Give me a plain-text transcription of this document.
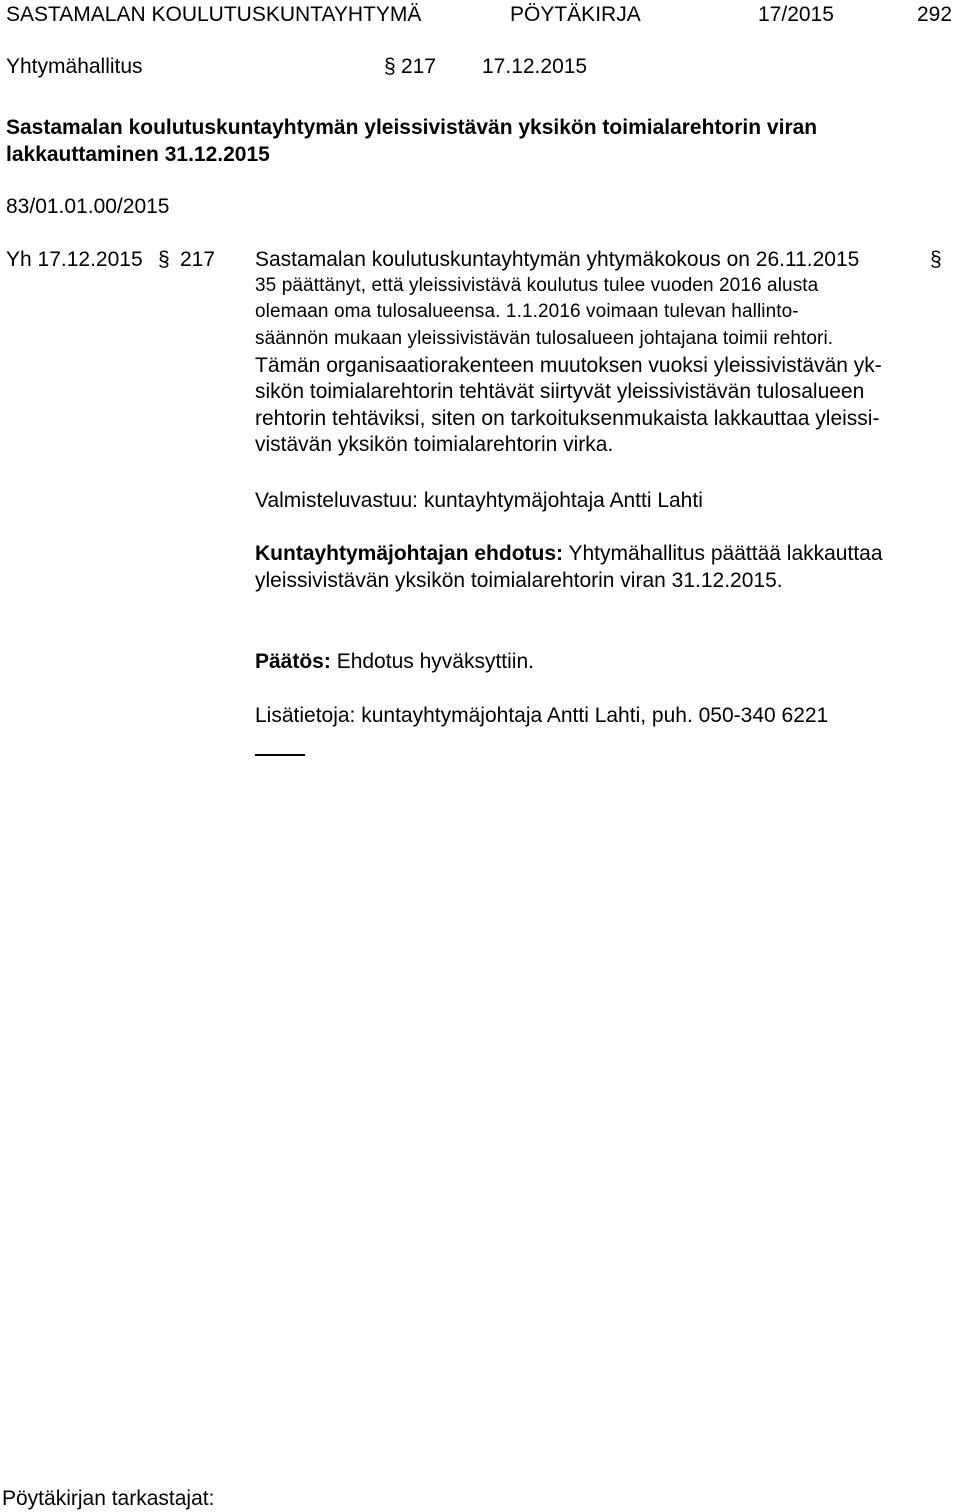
SASTAMALAN KOULUTUSKUNTAYHTYMÄ	PÖYTÄKIRJA	17/2015	292
Yhtymähallitus	§ 217 17.12.2015
Sastamalan koulutuskuntayhtymän yleissivistävän yksikön toimialarehtorin viran lakkauttaminen 31.12.2015
83/01.01.00/2015
Yh 17.12.2015 § 217 Sastamalan koulutuskuntayhtymän yhtymäkokous on 26.11.2015	§
35 päättänyt, että yleissivistävä koulutus tulee vuoden 2016 alusta
olemaan oma tulosalueensa. 1.1.2016 voimaan tulevan hallinto-
säännön mukaan yleissivistävän tulosalueen johtajana toimii rehtori.
Tämän organisaatiorakenteen muutoksen vuoksi yleissivistävän yk-
sikön toimialarehtorin tehtävät siirtyvät yleissivistävän tulosalueen
rehtorin tehtäviksi, siten on tarkoituksenmukaista lakkauttaa yleissi-
vistävän yksikön toimialarehtorin virka.
Valmisteluvastuu: kuntayhtymäjohtaja Antti Lahti
Kuntayhtymäjohtajan ehdotus: Yhtymähallitus päättää lakkauttaa
yleissivistävän yksikön toimialarehtorin viran 31.12.2015.
Päätös: Ehdotus hyväksyttiin.
Lisätietoja: kuntayhtymäjohtaja Antti Lahti, puh. 050-340 6221
Pöytäkirjan tarkastajat:
